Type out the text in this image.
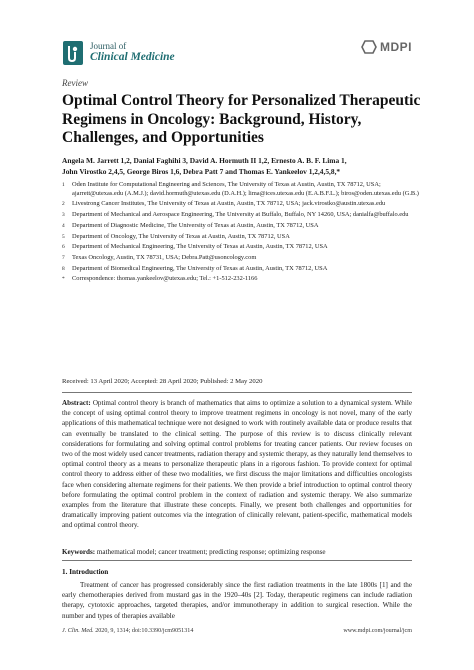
Journal of
Clinical Medicine
MDPI
Review
Optimal Control Theory for Personalized Therapeutic Regimens in Oncology: Background, History, Challenges, and Opportunities
Angela M. Jarrett 1,2, Danial Faghihi 3, David A. Hormuth II 1,2, Ernesto A. B. F. Lima 1,
John Virostko 2,4,5, George Biros 1,6, Debra Patt 7 and Thomas E. Yankeelov 1,2,4,5,8,*
1 Oden Institute for Computational Engineering and Sciences, The University of Texas at Austin, Austin, TX 78712, USA; ajarrett@utexas.edu (A.M.J.); david.hormuth@utexas.edu (D.A.H.); lima@ices.utexas.edu (E.A.B.F.L.); biros@oden.utexas.edu (G.B.)
2 Livestrong Cancer Institutes, The University of Texas at Austin, Austin, TX 78712, USA; jack.virostko@austin.utexas.edu
3 Department of Mechanical and Aerospace Engineering, The University at Buffalo, Buffalo, NY 14260, USA; danialfa@buffalo.edu
4 Department of Diagnostic Medicine, The University of Texas at Austin, Austin, TX 78712, USA
5 Department of Oncology, The University of Texas at Austin, Austin, TX 78712, USA
6 Department of Mechanical Engineering, The University of Texas at Austin, Austin, TX 78712, USA
7 Texas Oncology, Austin, TX 78731, USA; Debra.Patt@usoncology.com
8 Department of Biomedical Engineering, The University of Texas at Austin, Austin, TX 78712, USA
* Correspondence: thomas.yankeelov@utexas.edu; Tel.: +1-512-232-1166
Received: 13 April 2020; Accepted: 28 April 2020; Published: 2 May 2020

Abstract: Optimal control theory is branch of mathematics that aims to optimize a solution to a dynamical system. While the concept of using optimal control theory to improve treatment regimens in oncology is not novel, many of the early applications of this mathematical technique were not designed to work with routinely available data or produce results that can eventually be translated to the clinical setting. The purpose of this review is to discuss clinically relevant considerations for formulating and solving optimal control problems for treating cancer patients. Our review focuses on two of the most widely used cancer treatments, radiation therapy and systemic therapy, as they naturally lend themselves to optimal control theory as a means to personalize therapeutic plans in a rigorous fashion. To provide context for optimal control theory to address either of these two modalities, we first discuss the major limitations and difficulties oncologists face when considering alternate regimens for their patients. We then provide a brief introduction to optimal control theory before formulating the optimal control problem in the context of radiation and systemic therapy. We also summarize examples from the literature that illustrate these concepts. Finally, we present both challenges and opportunities for dramatically improving patient outcomes via the integration of clinically relevant, patient-specific, mathematical models and optimal control theory.

Keywords: mathematical model; cancer treatment; predicting response; optimizing response
1. Introduction

Treatment of cancer has progressed considerably since the first radiation treatments in the late 1800s [1] and the early chemotherapies derived from mustard gas in the 1920–40s [2]. Today, therapeutic regimens can include radiation therapy, cytotoxic approaches, targeted therapies, and/or immunotherapy in addition to surgical resection. While the number and types of therapies available

J. Clin. Med. 2020, 9, 1314; doi:10.3390/jcm9051314	www.mdpi.com/journal/jcm
